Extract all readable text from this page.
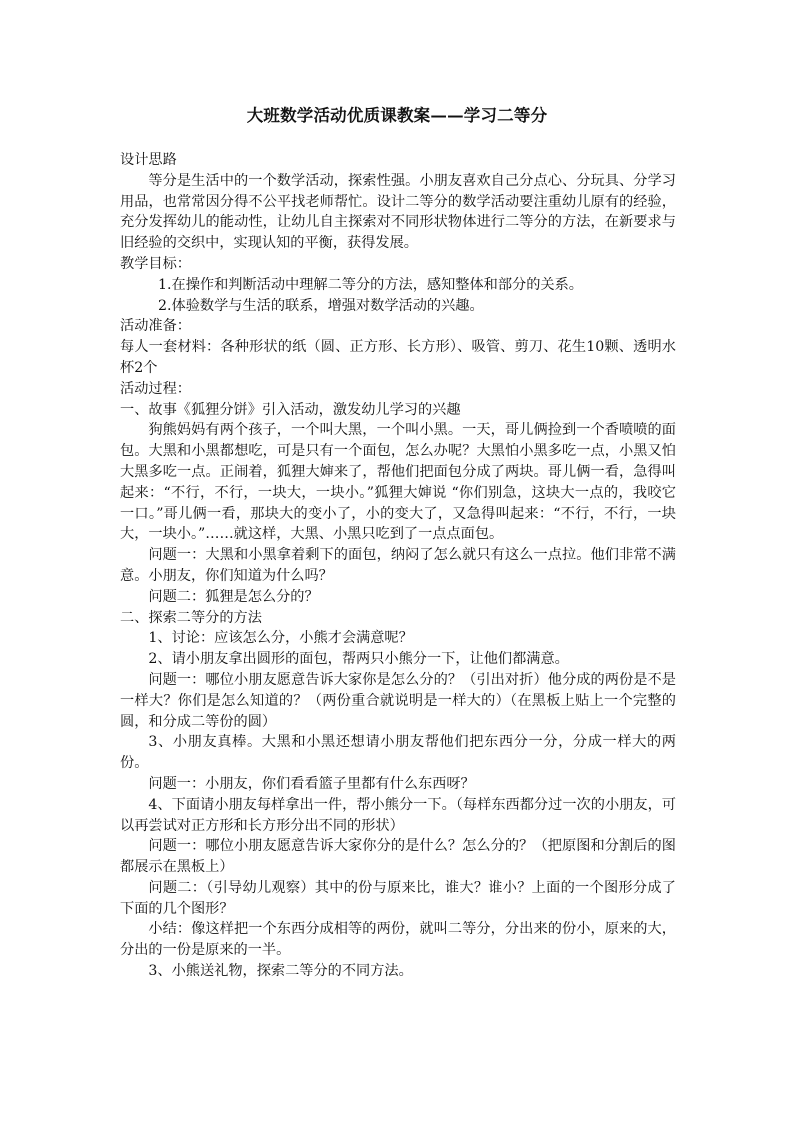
大班数学活动优质课教案——学习二等分

设计思路

等分是生活中的一个数学活动，探索性强。小朋友喜欢自己分点心、分玩具、分学习用品，也常常因分得不公平找老师帮忙。设计二等分的数学活动要注重幼儿原有的经验，充分发挥幼儿的能动性，让幼儿自主探索对不同形状物体进行二等分的方法，在新要求与旧经验的交织中，实现认知的平衡，获得发展。

教学目标：

1.在操作和判断活动中理解二等分的方法，感知整体和部分的关系。

2.体验数学与生活的联系，增强对数学活动的兴趣。

活动准备：

每人一套材料：各种形状的纸（圆、正方形、长方形）、吸管、剪刀、花生10颗、透明水杯2个

活动过程：

一、故事《狐狸分饼》引入活动，激发幼儿学习的兴趣

狗熊妈妈有两个孩子，一个叫大黑，一个叫小黑。一天，哥儿俩捡到一个香喷喷的面包。大黑和小黑都想吃，可是只有一个面包，怎么办呢？大黑怕小黑多吃一点，小黑又怕大黑多吃一点。正闹着，狐狸大婶来了，帮他们把面包分成了两块。哥儿俩一看，急得叫起来：“不行，不行，一块大，一块小。”狐狸大婶说 “你们别急，这块大一点的，我咬它一口。”哥儿俩一看，那块大的变小了，小的变大了，又急得叫起来：“不行，不行，一块大，一块小。”……就这样，大黑、小黑只吃到了一点点面包。

问题一：大黑和小黑拿着剩下的面包，纳闷了怎么就只有这么一点拉。他们非常不满意。小朋友，你们知道为什么吗？

问题二：狐狸是怎么分的？

二、探索二等分的方法

1、讨论：应该怎么分，小熊才会满意呢？

2、请小朋友拿出圆形的面包，帮两只小熊分一下，让他们都满意。

问题一：哪位小朋友愿意告诉大家你是怎么分的？（引出对折）他分成的两份是不是一样大？你们是怎么知道的？（两份重合就说明是一样大的）（在黑板上贴上一个完整的圆，和分成二等份的圆）

3、小朋友真棒。大黑和小黑还想请小朋友帮他们把东西分一分，分成一样大的两份。

问题一：小朋友，你们看看篮子里都有什么东西呀？

4、下面请小朋友每样拿出一件，帮小熊分一下。（每样东西都分过一次的小朋友，可以再尝试对正方形和长方形分出不同的形状）

问题一：哪位小朋友愿意告诉大家你分的是什么？怎么分的？（把原图和分割后的图都展示在黑板上）

问题二：（引导幼儿观察）其中的份与原来比，谁大？谁小？上面的一个图形分成了下面的几个图形？

小结：像这样把一个东西分成相等的两份，就叫二等分，分出来的份小，原来的大，分出的一份是原来的一半。

3、小熊送礼物，探索二等分的不同方法。
